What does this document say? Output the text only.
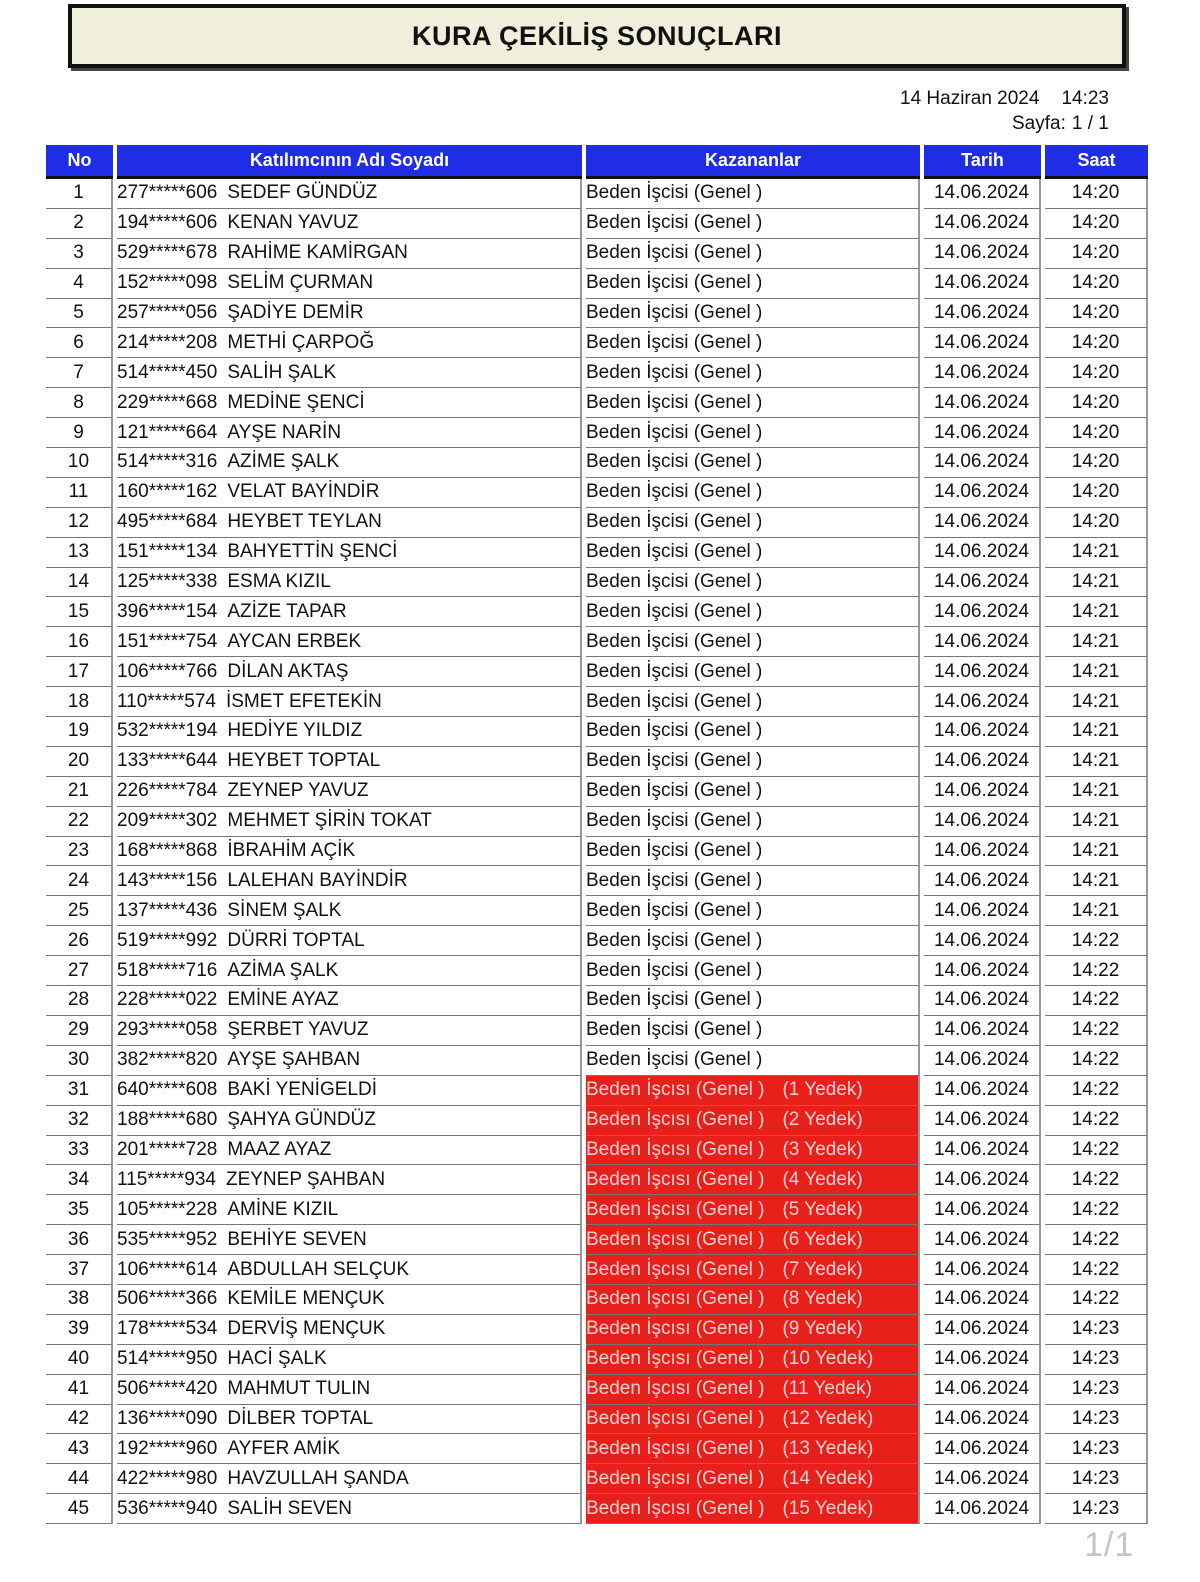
KURA ÇEKİLİŞ SONUÇLARI
14 Haziran 2024 14:23
Sayfa: 1 / 1
No	Katılımcının Adı Soyadı	Kazananlar	Tarih	Saat
1	277*****606 SEDEF GÜNDÜZ	Beden İşcisi (Genel )	14.06.2024	14:20
2	194*****606 KENAN YAVUZ	Beden İşcisi (Genel )	14.06.2024	14:20
3	529*****678 RAHİME KAMİRGAN	Beden İşcisi (Genel )	14.06.2024	14:20
4	152*****098 SELİM ÇURMAN	Beden İşcisi (Genel )	14.06.2024	14:20
5	257*****056 ŞADİYE DEMİR	Beden İşcisi (Genel )	14.06.2024	14:20
6	214*****208 METHİ ÇARPOĞ	Beden İşcisi (Genel )	14.06.2024	14:20
7	514*****450 SALİH ŞALK	Beden İşcisi (Genel )	14.06.2024	14:20
8	229*****668 MEDİNE ŞENCİ	Beden İşcisi (Genel )	14.06.2024	14:20
9	121*****664 AYŞE NARİN	Beden İşcisi (Genel )	14.06.2024	14:20
10	514*****316 AZİME ŞALK	Beden İşcisi (Genel )	14.06.2024	14:20
11	160*****162 VELAT BAYİNDİR	Beden İşcisi (Genel )	14.06.2024	14:20
12	495*****684 HEYBET TEYLAN	Beden İşcisi (Genel )	14.06.2024	14:20
13	151*****134 BAHYETTİN ŞENCİ	Beden İşcisi (Genel )	14.06.2024	14:21
14	125*****338 ESMA KIZIL	Beden İşcisi (Genel )	14.06.2024	14:21
15	396*****154 AZİZE TAPAR	Beden İşcisi (Genel )	14.06.2024	14:21
16	151*****754 AYCAN ERBEK	Beden İşcisi (Genel )	14.06.2024	14:21
17	106*****766 DİLAN AKTAŞ	Beden İşcisi (Genel )	14.06.2024	14:21
18	110*****574 İSMET EFETEKİN	Beden İşcisi (Genel )	14.06.2024	14:21
19	532*****194 HEDİYE YILDIZ	Beden İşcisi (Genel )	14.06.2024	14:21
20	133*****644 HEYBET TOPTAL	Beden İşcisi (Genel )	14.06.2024	14:21
21	226*****784 ZEYNEP YAVUZ	Beden İşcisi (Genel )	14.06.2024	14:21
22	209*****302 MEHMET ŞİRİN TOKAT	Beden İşcisi (Genel )	14.06.2024	14:21
23	168*****868 İBRAHİM AÇİK	Beden İşcisi (Genel )	14.06.2024	14:21
24	143*****156 LALEHAN BAYİNDİR	Beden İşcisi (Genel )	14.06.2024	14:21
25	137*****436 SİNEM ŞALK	Beden İşcisi (Genel )	14.06.2024	14:21
26	519*****992 DÜRRİ TOPTAL	Beden İşcisi (Genel )	14.06.2024	14:22
27	518*****716 AZİMA ŞALK	Beden İşcisi (Genel )	14.06.2024	14:22
28	228*****022 EMİNE AYAZ	Beden İşcisi (Genel )	14.06.2024	14:22
29	293*****058 ŞERBET YAVUZ	Beden İşcisi (Genel )	14.06.2024	14:22
30	382*****820 AYŞE ŞAHBAN	Beden İşcisi (Genel )	14.06.2024	14:22
31	640*****608 BAKİ YENİGELDİ	Beden İşcısı (Genel ) (1 Yedek)	14.06.2024	14:22
32	188*****680 ŞAHYA GÜNDÜZ	Beden İşcısı (Genel ) (2 Yedek)	14.06.2024	14:22
33	201*****728 MAAZ AYAZ	Beden İşcısı (Genel ) (3 Yedek)	14.06.2024	14:22
34	115*****934 ZEYNEP ŞAHBAN	Beden İşcısı (Genel ) (4 Yedek)	14.06.2024	14:22
35	105*****228 AMİNE KIZIL	Beden İşcısı (Genel ) (5 Yedek)	14.06.2024	14:22
36	535*****952 BEHİYE SEVEN	Beden İşcısı (Genel ) (6 Yedek)	14.06.2024	14:22
37	106*****614 ABDULLAH SELÇUK	Beden İşcısı (Genel ) (7 Yedek)	14.06.2024	14:22
38	506*****366 KEMİLE MENÇUK	Beden İşcısı (Genel ) (8 Yedek)	14.06.2024	14:22
39	178*****534 DERVİŞ MENÇUK	Beden İşcısı (Genel ) (9 Yedek)	14.06.2024	14:23
40	514*****950 HACİ ŞALK	Beden İşcısı (Genel ) (10 Yedek)	14.06.2024	14:23
41	506*****420 MAHMUT TULIN	Beden İşcısı (Genel ) (11 Yedek)	14.06.2024	14:23
42	136*****090 DİLBER TOPTAL	Beden İşcısı (Genel ) (12 Yedek)	14.06.2024	14:23
43	192*****960 AYFER AMİK	Beden İşcısı (Genel ) (13 Yedek)	14.06.2024	14:23
44	422*****980 HAVZULLAH ŞANDA	Beden İşcısı (Genel ) (14 Yedek)	14.06.2024	14:23
45	536*****940 SALİH SEVEN	Beden İşcısı (Genel ) (15 Yedek)	14.06.2024	14:23
1/1
